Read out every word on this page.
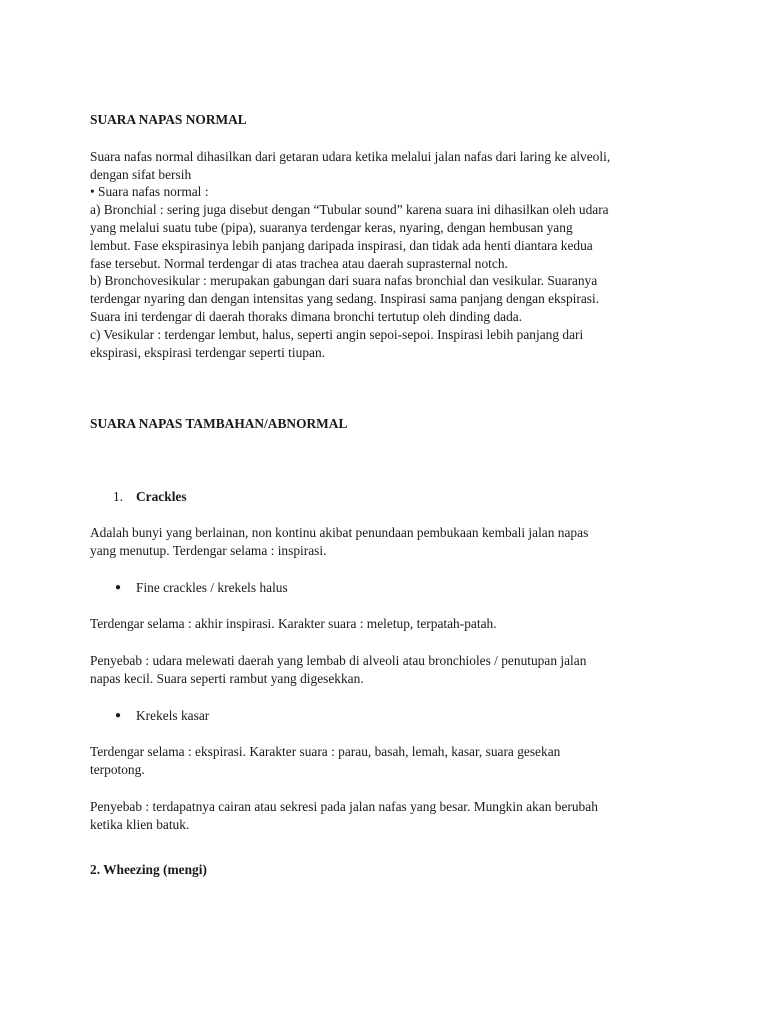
SUARA NAPAS NORMAL
Suara nafas normal dihasilkan dari getaran udara ketika melalui jalan nafas dari laring ke alveoli,
dengan sifat bersih
• Suara nafas normal :
a) Bronchial : sering juga disebut dengan “Tubular sound” karena suara ini dihasilkan oleh udara
yang melalui suatu tube (pipa), suaranya terdengar keras, nyaring, dengan hembusan yang
lembut. Fase ekspirasinya lebih panjang daripada inspirasi, dan tidak ada henti diantara kedua
fase tersebut. Normal terdengar di atas trachea atau daerah suprasternal notch.
b) Bronchovesikular : merupakan gabungan dari suara nafas bronchial dan vesikular. Suaranya
terdengar nyaring dan dengan intensitas yang sedang. Inspirasi sama panjang dengan ekspirasi.
Suara ini terdengar di daerah thoraks dimana bronchi tertutup oleh dinding dada.
c) Vesikular : terdengar lembut, halus, seperti angin sepoi-sepoi. Inspirasi lebih panjang dari
ekspirasi, ekspirasi terdengar seperti tiupan.
SUARA NAPAS TAMBAHAN/ABNORMAL
1. Crackles
Adalah bunyi yang berlainan, non kontinu akibat penundaan pembukaan kembali jalan napas
yang menutup. Terdengar selama : inspirasi.
● Fine crackles / krekels halus
Terdengar selama : akhir inspirasi. Karakter suara : meletup, terpatah-patah.
Penyebab : udara melewati daerah yang lembab di alveoli atau bronchioles / penutupan jalan
napas kecil. Suara seperti rambut yang digesekkan.
● Krekels kasar
Terdengar selama : ekspirasi. Karakter suara : parau, basah, lemah, kasar, suara gesekan
terpotong.
Penyebab : terdapatnya cairan atau sekresi pada jalan nafas yang besar. Mungkin akan berubah
ketika klien batuk.
2. Wheezing (mengi)
